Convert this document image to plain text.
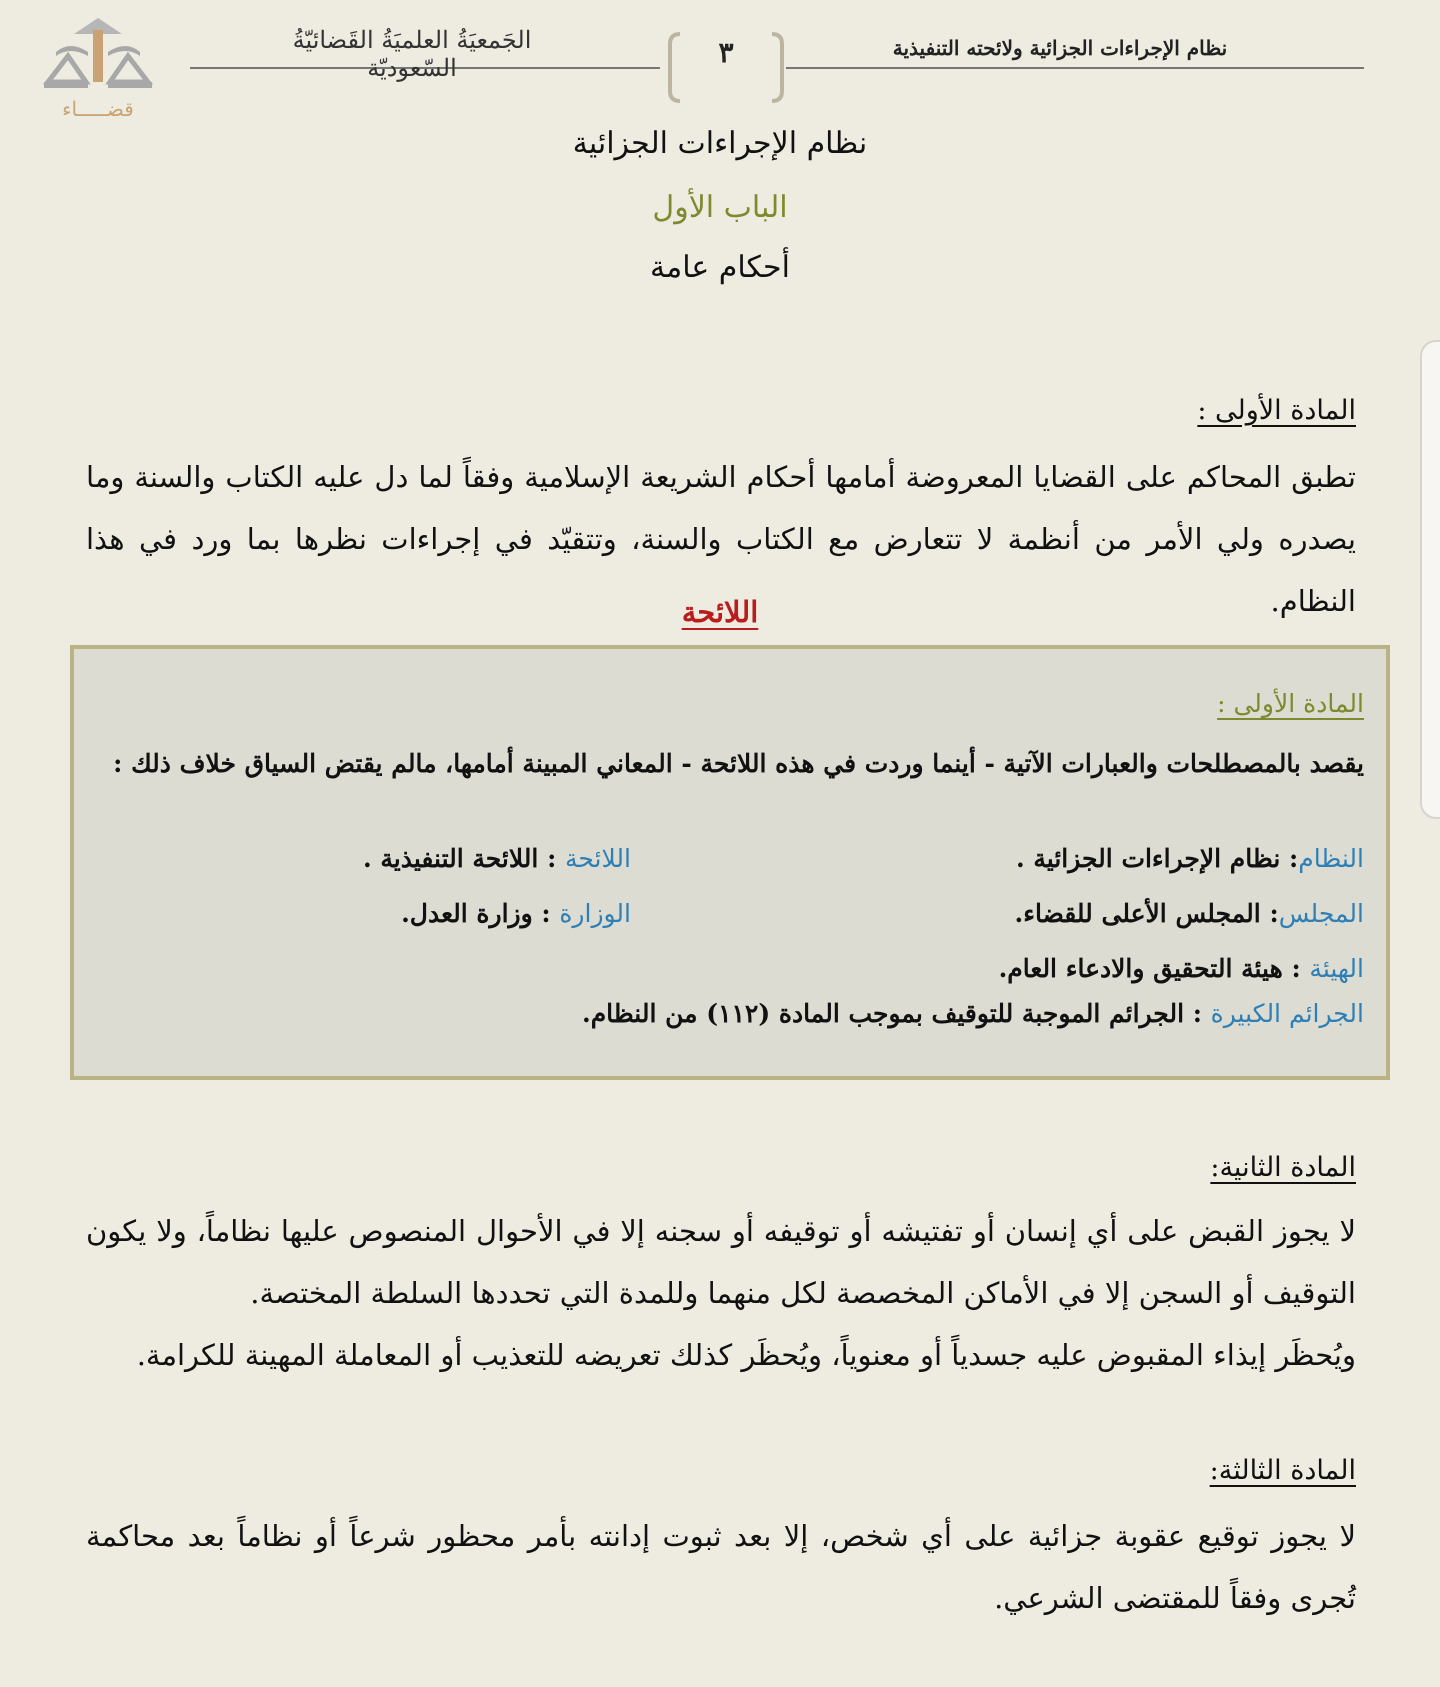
قضـــــاء
الجَمعيَةُ العلميَةُ القَضائيّةُ السّعوديّة	٣	نظام الإجراءات الجزائية ولائحته التنفيذية
نظام الإجراءات الجزائية
الباب الأول
أحكام عامة
المادة الأولى :

تطبق المحاكم على القضايا المعروضة أمامها أحكام الشريعة الإسلامية وفقاً لما دل عليه الكتاب والسنة وما يصدره ولي الأمر من أنظمة لا تتعارض مع الكتاب والسنة، وتتقيّد في إجراءات نظرها بما ورد في هذا النظام.

اللائحة
المادة الأولى :

يقصد بالمصطلحات والعبارات الآتية - أينما وردت في هذه اللائحة - المعاني المبينة أمامها، مالم يقتض السياق خلاف ذلك :

النظام: نظام الإجراءات الجزائية .
اللائحة : اللائحة التنفيذية .
المجلس: المجلس الأعلى للقضاء.
الوزارة : وزارة العدل.
الهيئة : هيئة التحقيق والادعاء العام.
الجرائم الكبيرة : الجرائم الموجبة للتوقيف بموجب المادة (١١٢) من النظام.
المادة الثانية:

لا يجوز القبض على أي إنسان أو تفتيشه أو توقيفه أو سجنه إلا في الأحوال المنصوص عليها نظاماً، ولا يكون التوقيف أو السجن إلا في الأماكن المخصصة لكل منهما وللمدة التي تحددها السلطة المختصة.

ويُحظَر إيذاء المقبوض عليه جسدياً أو معنوياً، ويُحظَر كذلك تعريضه للتعذيب أو المعاملة المهينة للكرامة.

المادة الثالثة:

لا يجوز توقيع عقوبة جزائية على أي شخص، إلا بعد ثبوت إدانته بأمر محظور شرعاً أو نظاماً بعد محاكمة تُجرى وفقاً للمقتضى الشرعي.
